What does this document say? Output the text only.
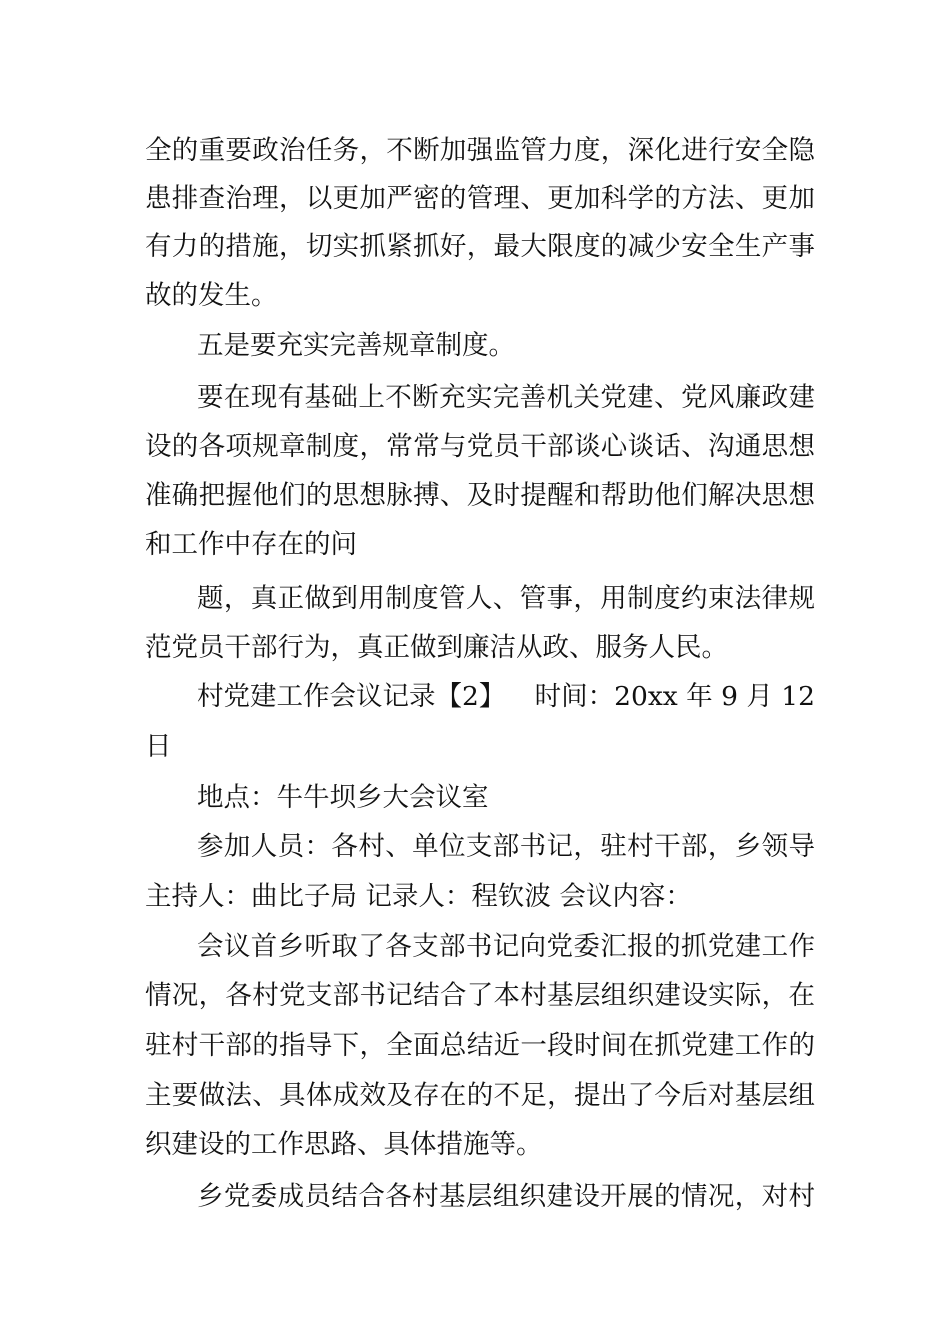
全的重要政治任务，不断加强监管力度，深化进行安全隐
患排查治理，以更加严密的管理、更加科学的方法、更加
有力的措施，切实抓紧抓好，最大限度的减少安全生产事
故的发生。
五是要充实完善规章制度。
要在现有基础上不断充实完善机关党建、党风廉政建
设的各项规章制度，常常与党员干部谈心谈话、沟通思想
准确把握他们的思想脉搏、及时提醒和帮助他们解决思想
和工作中存在的问
题，真正做到用制度管人、管事，用制度约束法律规
范党员干部行为，真正做到廉洁从政、服务人民。
村党建工作会议记录【2】 时间：20xx 年 9 月 12
日
地点：牛牛坝乡大会议室
参加人员：各村、单位支部书记，驻村干部，乡领导
主持人：曲比子局 记录人：程钦波 会议内容：
会议首乡听取了各支部书记向党委汇报的抓党建工作
情况，各村党支部书记结合了本村基层组织建设实际，在
驻村干部的指导下，全面总结近一段时间在抓党建工作的
主要做法、具体成效及存在的不足，提出了今后对基层组
织建设的工作思路、具体措施等。
乡党委成员结合各村基层组织建设开展的情况，对村
